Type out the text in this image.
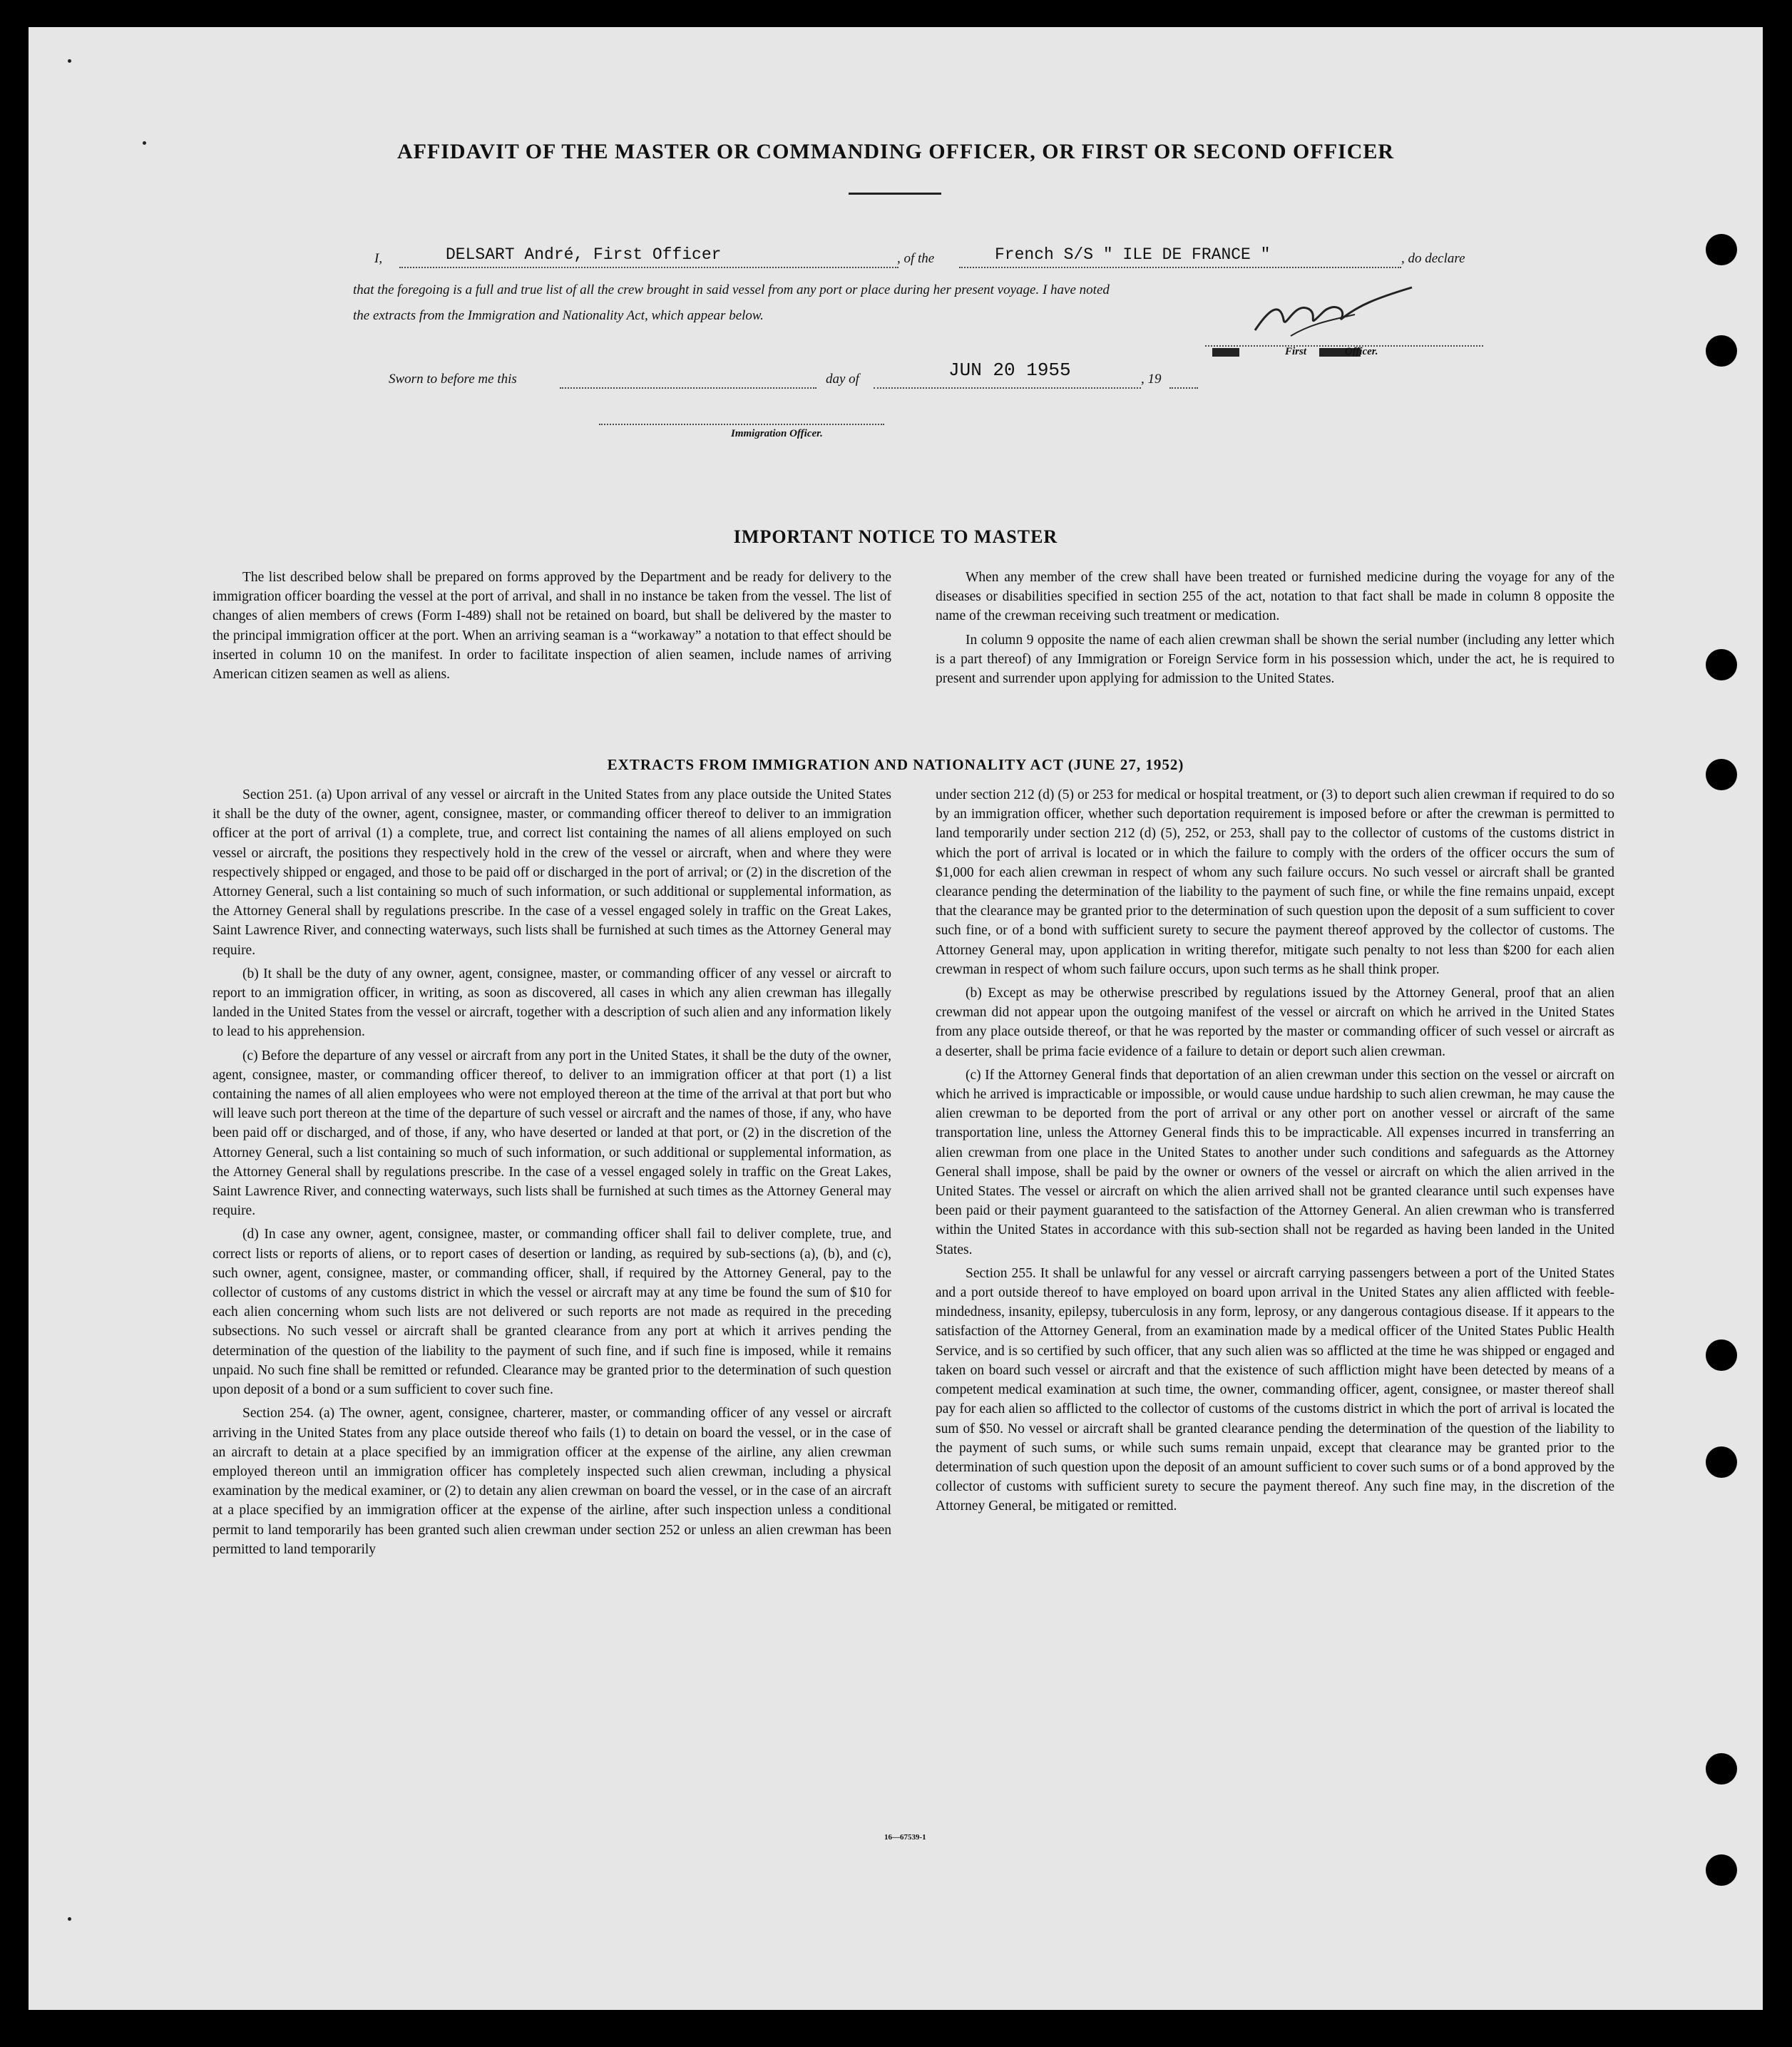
AFFIDAVIT OF THE MASTER OR COMMANDING OFFICER, OR FIRST OR SECOND OFFICER
I,	DELSART André, First Officer	, of the	French S/S " ILE DE FRANCE "	, do declare
that the foregoing is a full and true list of all the crew brought in said vessel from any port or place during her present voyage. I have noted
the extracts from the Immigration and Nationality Act, which appear below.
First Officer.
Sworn to before me this	day of	JUN 20 1955	, 19
Immigration Officer.
IMPORTANT NOTICE TO MASTER

The list described below shall be prepared on forms approved by the Department and be ready for delivery to the immigration officer boarding the vessel at the port of arrival, and shall in no instance be taken from the vessel. The list of changes of alien members of crews (Form I-489) shall not be retained on board, but shall be delivered by the master to the principal immigration officer at the port. When an arriving seaman is a “workaway” a notation to that effect should be inserted in column 10 on the manifest. In order to facilitate inspection of alien seamen, include names of arriving American citizen seamen as well as aliens.

When any member of the crew shall have been treated or furnished medicine during the voyage for any of the diseases or disabilities specified in section 255 of the act, notation to that fact shall be made in column 8 opposite the name of the crewman receiving such treatment or medication.

In column 9 opposite the name of each alien crewman shall be shown the serial number (including any letter which is a part thereof) of any Immigration or Foreign Service form in his possession which, under the act, he is required to present and surrender upon applying for admission to the United States.

EXTRACTS FROM IMMIGRATION AND NATIONALITY ACT (JUNE 27, 1952)

Section 251. (a) Upon arrival of any vessel or aircraft in the United States from any place outside the United States it shall be the duty of the owner, agent, consignee, master, or commanding officer thereof to deliver to an immigration officer at the port of arrival (1) a complete, true, and correct list containing the names of all aliens employed on such vessel or aircraft, the positions they respectively hold in the crew of the vessel or aircraft, when and where they were respectively shipped or engaged, and those to be paid off or discharged in the port of arrival; or (2) in the discretion of the Attorney General, such a list containing so much of such information, or such additional or supplemental information, as the Attorney General shall by regulations prescribe. In the case of a vessel engaged solely in traffic on the Great Lakes, Saint Lawrence River, and connecting waterways, such lists shall be furnished at such times as the Attorney General may require.

(b) It shall be the duty of any owner, agent, consignee, master, or commanding officer of any vessel or aircraft to report to an immigration officer, in writing, as soon as discovered, all cases in which any alien crewman has illegally landed in the United States from the vessel or aircraft, together with a description of such alien and any information likely to lead to his apprehension.

(c) Before the departure of any vessel or aircraft from any port in the United States, it shall be the duty of the owner, agent, consignee, master, or commanding officer thereof, to deliver to an immigration officer at that port (1) a list containing the names of all alien employees who were not employed thereon at the time of the arrival at that port but who will leave such port thereon at the time of the departure of such vessel or aircraft and the names of those, if any, who have been paid off or discharged, and of those, if any, who have deserted or landed at that port, or (2) in the discretion of the Attorney General, such a list containing so much of such information, or such additional or supplemental information, as the Attorney General shall by regulations prescribe. In the case of a vessel engaged solely in traffic on the Great Lakes, Saint Lawrence River, and connecting waterways, such lists shall be furnished at such times as the Attorney General may require.

(d) In case any owner, agent, consignee, master, or commanding officer shall fail to deliver complete, true, and correct lists or reports of aliens, or to report cases of desertion or landing, as required by sub-sections (a), (b), and (c), such owner, agent, consignee, master, or commanding officer, shall, if required by the Attorney General, pay to the collector of customs of any customs district in which the vessel or aircraft may at any time be found the sum of $10 for each alien concerning whom such lists are not delivered or such reports are not made as required in the preceding subsections. No such vessel or aircraft shall be granted clearance from any port at which it arrives pending the determination of the question of the liability to the payment of such fine, and if such fine is imposed, while it remains unpaid. No such fine shall be remitted or refunded. Clearance may be granted prior to the determination of such question upon deposit of a bond or a sum sufficient to cover such fine.

Section 254. (a) The owner, agent, consignee, charterer, master, or commanding officer of any vessel or aircraft arriving in the United States from any place outside thereof who fails (1) to detain on board the vessel, or in the case of an aircraft to detain at a place specified by an immigration officer at the expense of the airline, any alien crewman employed thereon until an immigration officer has completely inspected such alien crewman, including a physical examination by the medical examiner, or (2) to detain any alien crewman on board the vessel, or in the case of an aircraft at a place specified by an immigration officer at the expense of the airline, after such inspection unless a conditional permit to land temporarily has been granted such alien crewman under section 252 or unless an alien crewman has been permitted to land temporarily

under section 212 (d) (5) or 253 for medical or hospital treatment, or (3) to deport such alien crewman if required to do so by an immigration officer, whether such deportation requirement is imposed before or after the crewman is permitted to land temporarily under section 212 (d) (5), 252, or 253, shall pay to the collector of customs of the customs district in which the port of arrival is located or in which the failure to comply with the orders of the officer occurs the sum of $1,000 for each alien crewman in respect of whom any such failure occurs. No such vessel or aircraft shall be granted clearance pending the determination of the liability to the payment of such fine, or while the fine remains unpaid, except that the clearance may be granted prior to the determination of such question upon the deposit of a sum sufficient to cover such fine, or of a bond with sufficient surety to secure the payment thereof approved by the collector of customs. The Attorney General may, upon application in writing therefor, mitigate such penalty to not less than $200 for each alien crewman in respect of whom such failure occurs, upon such terms as he shall think proper.

(b) Except as may be otherwise prescribed by regulations issued by the Attorney General, proof that an alien crewman did not appear upon the outgoing manifest of the vessel or aircraft on which he arrived in the United States from any place outside thereof, or that he was reported by the master or commanding officer of such vessel or aircraft as a deserter, shall be prima facie evidence of a failure to detain or deport such alien crewman.

(c) If the Attorney General finds that deportation of an alien crewman under this section on the vessel or aircraft on which he arrived is impracticable or impossible, or would cause undue hardship to such alien crewman, he may cause the alien crewman to be deported from the port of arrival or any other port on another vessel or aircraft of the same transportation line, unless the Attorney General finds this to be impracticable. All expenses incurred in transferring an alien crewman from one place in the United States to another under such conditions and safeguards as the Attorney General shall impose, shall be paid by the owner or owners of the vessel or aircraft on which the alien arrived in the United States. The vessel or aircraft on which the alien arrived shall not be granted clearance until such expenses have been paid or their payment guaranteed to the satisfaction of the Attorney General. An alien crewman who is transferred within the United States in accordance with this sub-section shall not be regarded as having been landed in the United States.

Section 255. It shall be unlawful for any vessel or aircraft carrying passengers between a port of the United States and a port outside thereof to have employed on board upon arrival in the United States any alien afflicted with feeble-mindedness, insanity, epilepsy, tuberculosis in any form, leprosy, or any dangerous contagious disease. If it appears to the satisfaction of the Attorney General, from an examination made by a medical officer of the United States Public Health Service, and is so certified by such officer, that any such alien was so afflicted at the time he was shipped or engaged and taken on board such vessel or aircraft and that the existence of such affliction might have been detected by means of a competent medical examination at such time, the owner, commanding officer, agent, consignee, or master thereof shall pay for each alien so afflicted to the collector of customs of the customs district in which the port of arrival is located the sum of $50. No vessel or aircraft shall be granted clearance pending the determination of the question of the liability to the payment of such sums, or while such sums remain unpaid, except that clearance may be granted prior to the determination of such question upon the deposit of an amount sufficient to cover such sums or of a bond approved by the collector of customs with sufficient surety to secure the payment thereof. Any such fine may, in the discretion of the Attorney General, be mitigated or remitted.

16—67539-1
